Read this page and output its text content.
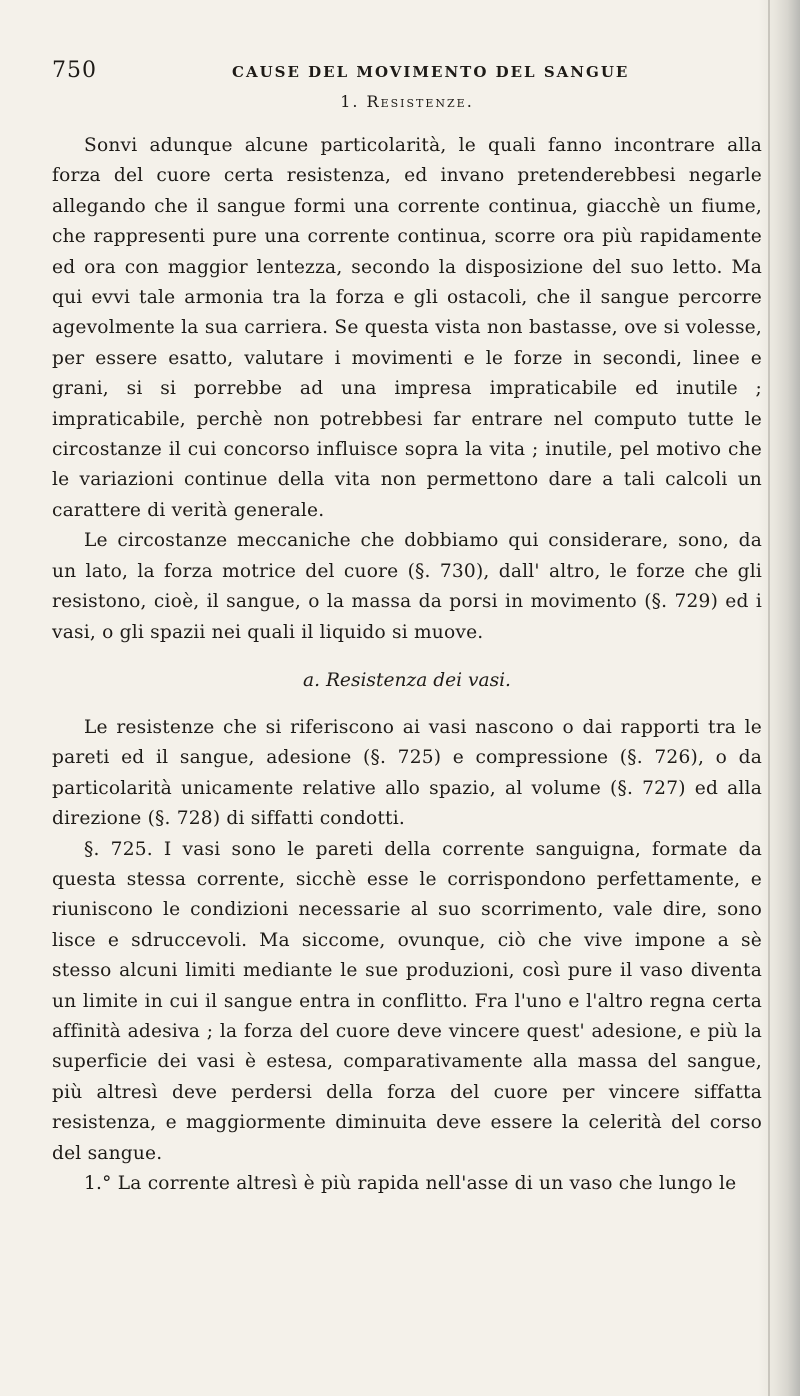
750	CAUSE DEL MOVIMENTO DEL SANGUE
1. Resistenze.

Sonvi adunque alcune particolarità, le quali fanno incontrare alla forza del cuore certa resistenza, ed invano pretenderebbesi negarle allegando che il sangue formi una corrente continua, giacchè un fiume, che rappresenti pure una corrente continua, scorre ora più rapidamente ed ora con maggior lentezza, secondo la disposizione del suo letto. Ma qui evvi tale armonia tra la forza e gli ostacoli, che il sangue percorre agevolmente la sua carriera. Se questa vista non bastasse, ove si volesse, per essere esatto, valutare i movimenti e le forze in secondi, linee e grani, si si porrebbe ad una impresa impraticabile ed inutile ; impraticabile, perchè non potrebbesi far entrare nel computo tutte le circostanze il cui concorso influisce sopra la vita ; inutile, pel motivo che le variazioni continue della vita non permettono dare a tali calcoli un carattere di verità generale.

Le circostanze meccaniche che dobbiamo qui considerare, sono, da un lato, la forza motrice del cuore (§. 730), dall' altro, le forze che gli resistono, cioè, il sangue, o la massa da porsi in movimento (§. 729) ed i vasi, o gli spazii nei quali il liquido si muove.

a. Resistenza dei vasi.

Le resistenze che si riferiscono ai vasi nascono o dai rapporti tra le pareti ed il sangue, adesione (§. 725) e compressione (§. 726), o da particolarità unicamente relative allo spazio, al volume (§. 727) ed alla direzione (§. 728) di siffatti condotti.

§. 725. I vasi sono le pareti della corrente sanguigna, formate da questa stessa corrente, sicchè esse le corrispondono perfettamente, e riuniscono le condizioni necessarie al suo scorrimento, vale dire, sono lisce e sdruccevoli. Ma siccome, ovunque, ciò che vive impone a sè stesso alcuni limiti mediante le sue produzioni, così pure il vaso diventa un limite in cui il sangue entra in conflitto. Fra l'uno e l'altro regna certa affinità adesiva ; la forza del cuore deve vincere quest' adesione, e più la superficie dei vasi è estesa, comparativamente alla massa del sangue, più altresì deve perdersi della forza del cuore per vincere siffatta resistenza, e maggiormente diminuita deve essere la celerità del corso del sangue.

1.° La corrente altresì è più rapida nell'asse di un vaso che lungo le
